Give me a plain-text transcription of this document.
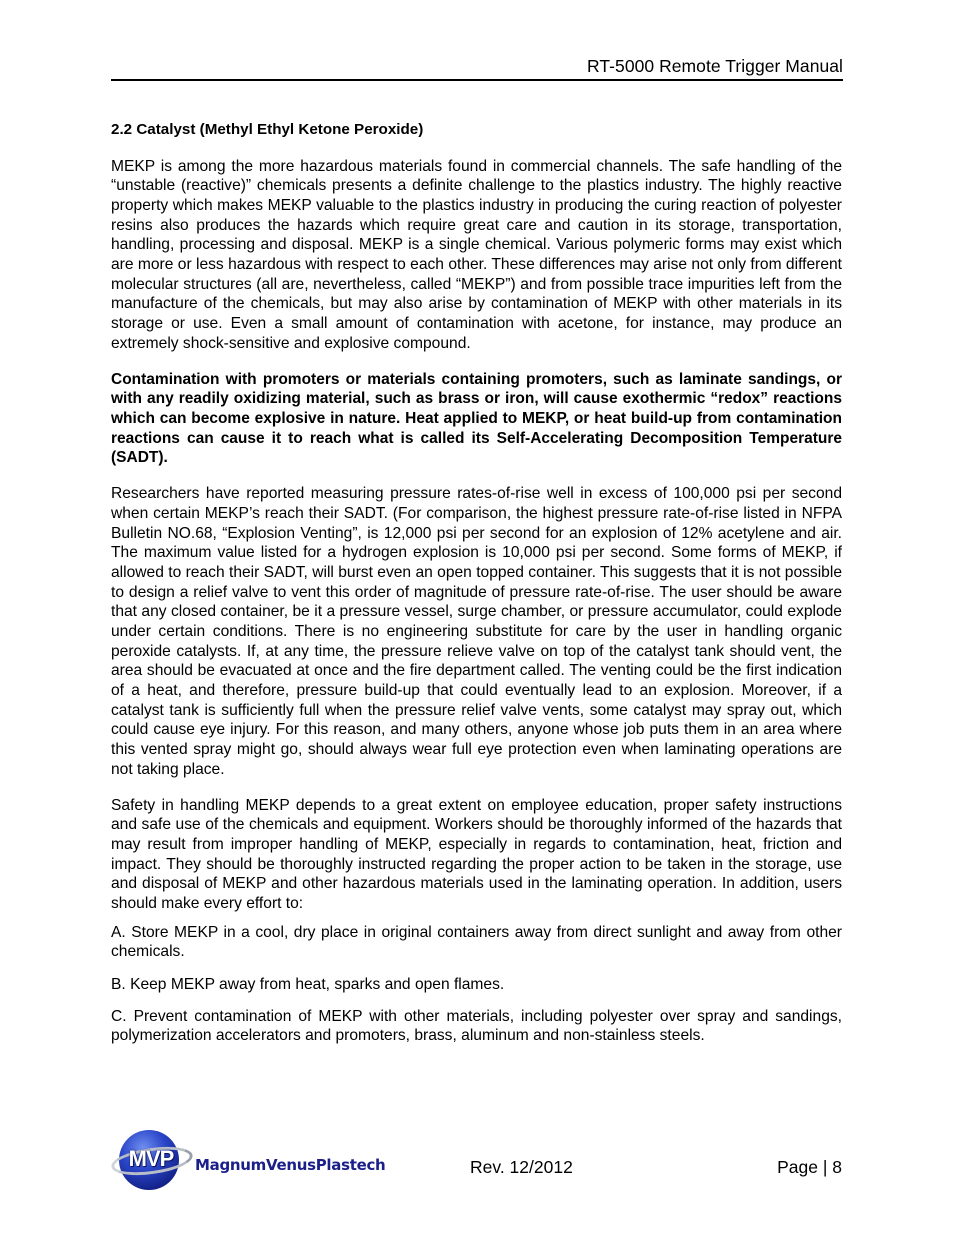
RT-5000 Remote Trigger Manual
2.2 Catalyst (Methyl Ethyl Ketone Peroxide)

MEKP is among the more hazardous materials found in commercial channels. The safe handling of the “unstable (reactive)” chemicals presents a definite challenge to the plastics industry. The highly reactive property which makes MEKP valuable to the plastics industry in producing the curing reaction of polyester resins also produces the hazards which require great care and caution in its storage, transportation, handling, processing and disposal. MEKP is a single chemical. Various polymeric forms may exist which are more or less hazardous with respect to each other. These differences may arise not only from different molecular structures (all are, nevertheless, called “MEKP”) and from possible trace impurities left from the manufacture of the chemicals, but may also arise by contamination of MEKP with other materials in its storage or use. Even a small amount of contamination with acetone, for instance, may produce an extremely shock-sensitive and explosive compound.

Contamination with promoters or materials containing promoters, such as laminate sandings, or with any readily oxidizing material, such as brass or iron, will cause exothermic “redox” reactions which can become explosive in nature. Heat applied to MEKP, or heat build-up from contamination reactions can cause it to reach what is called its Self-Accelerating Decomposition Temperature (SADT).

Researchers have reported measuring pressure rates-of-rise well in excess of 100,000 psi per second when certain MEKP’s reach their SADT. (For comparison, the highest pressure rate-of-rise listed in NFPA Bulletin NO.68, “Explosion Venting”, is 12,000 psi per second for an explosion of 12% acetylene and air. The maximum value listed for a hydrogen explosion is 10,000 psi per second. Some forms of MEKP, if allowed to reach their SADT, will burst even an open topped container. This suggests that it is not possible to design a relief valve to vent this order of magnitude of pressure rate-of-rise. The user should be aware that any closed container, be it a pressure vessel, surge chamber, or pressure accumulator, could explode under certain conditions. There is no engineering substitute for care by the user in handling organic peroxide catalysts. If, at any time, the pressure relieve valve on top of the catalyst tank should vent, the area should be evacuated at once and the fire department called. The venting could be the first indication of a heat, and therefore, pressure build-up that could eventually lead to an explosion. Moreover, if a catalyst tank is sufficiently full when the pressure relief valve vents, some catalyst may spray out, which could cause eye injury. For this reason, and many others, anyone whose job puts them in an area where this vented spray might go, should always wear full eye protection even when laminating operations are not taking place.

Safety in handling MEKP depends to a great extent on employee education, proper safety instructions and safe use of the chemicals and equipment. Workers should be thoroughly informed of the hazards that may result from improper handling of MEKP, especially in regards to contamination, heat, friction and impact. They should be thoroughly instructed regarding the proper action to be taken in the storage, use and disposal of MEKP and other hazardous materials used in the laminating operation. In addition, users should make every effort to:

A. Store MEKP in a cool, dry place in original containers away from direct sunlight and away from other chemicals.

B. Keep MEKP away from heat, sparks and open flames.

C. Prevent contamination of MEKP with other materials, including polyester over spray and sandings, polymerization accelerators and promoters, brass, aluminum and non-stainless steels.

MVP	MagnumVenusPlastech	Rev. 12/2012	Page | 8
